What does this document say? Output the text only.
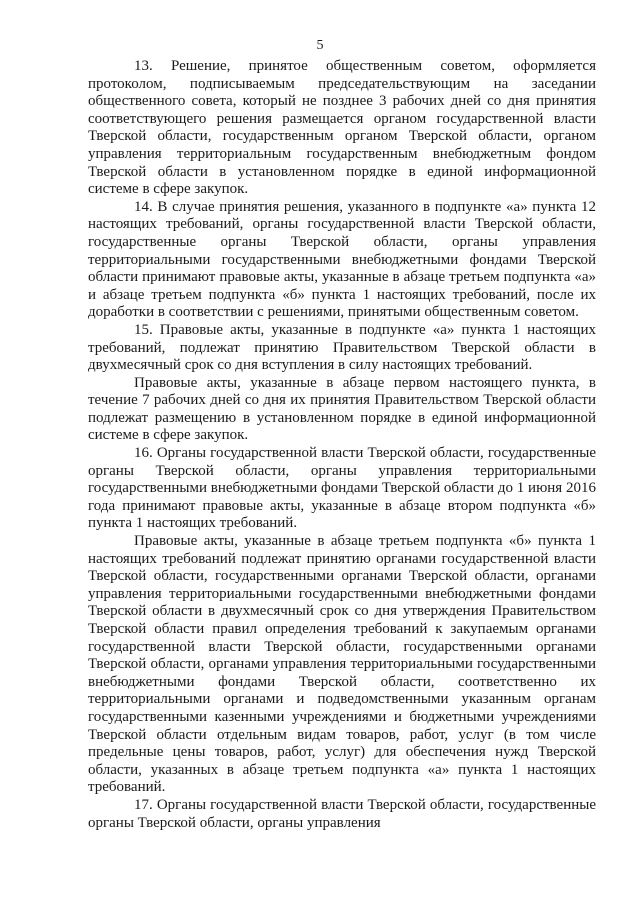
5

13. Решение, принятое общественным советом, оформляется протоколом, подписываемым председательствующим на заседании общественного совета, который не позднее 3 рабочих дней со дня принятия соответствующего решения размещается органом государственной власти Тверской области, государственным органом Тверской области, органом управления территориальным государственным внебюджетным фондом Тверской области в установленном порядке в единой информационной системе в сфере закупок.

14. В случае принятия решения, указанного в подпункте «а» пункта 12 настоящих требований, органы государственной власти Тверской области, государственные органы Тверской области, органы управления территориальными государственными внебюджетными фондами Тверской области принимают правовые акты, указанные в абзаце третьем подпункта «а» и абзаце третьем подпункта «б» пункта 1 настоящих требований, после их доработки в соответствии с решениями, принятыми общественным советом.

15. Правовые акты, указанные в подпункте «а» пункта 1 настоящих требований, подлежат принятию Правительством Тверской области в двухмесячный срок со дня вступления в силу настоящих требований.

Правовые акты, указанные в абзаце первом настоящего пункта, в течение 7 рабочих дней со дня их принятия Правительством Тверской области подлежат размещению в установленном порядке в единой информационной системе в сфере закупок.

16. Органы государственной власти Тверской области, государственные органы Тверской области, органы управления территориальными государственными внебюджетными фондами Тверской области до 1 июня 2016 года принимают правовые акты, указанные в абзаце втором подпункта «б» пункта 1 настоящих требований.

Правовые акты, указанные в абзаце третьем подпункта «б» пункта 1 настоящих требований подлежат принятию органами государственной власти Тверской области, государственными органами Тверской области, органами управления территориальными государственными внебюджетными фондами Тверской области в двухмесячный срок со дня утверждения Правительством Тверской области правил определения требований к закупаемым органами государственной власти Тверской области, государственными органами Тверской области, органами управления территориальными государственными внебюджетными фондами Тверской области, соответственно их территориальными органами и подведомственными указанным органам государственными казенными учреждениями и бюджетными учреждениями Тверской области отдельным видам товаров, работ, услуг (в том числе предельные цены товаров, работ, услуг) для обеспечения нужд Тверской области, указанных в абзаце третьем подпункта «а» пункта 1 настоящих требований.

17. Органы государственной власти Тверской области, государственные органы Тверской области, органы управления
